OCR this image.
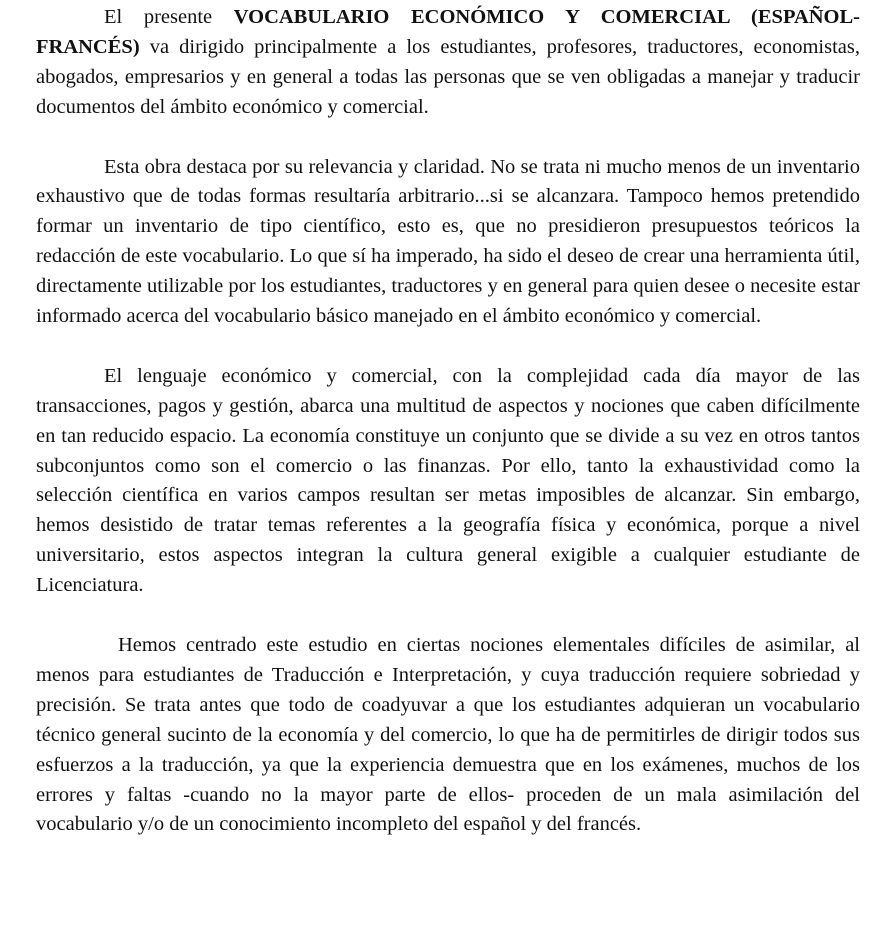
El presente VOCABULARIO ECONÓMICO Y COMERCIAL (ESPAÑOL-FRANCÉS) va dirigido principalmente a los estudiantes, profesores, traductores, economistas, abogados, empresarios y en general a todas las personas que se ven obligadas a manejar y traducir documentos del ámbito económico y comercial.

Esta obra destaca por su relevancia y claridad. No se trata ni mucho menos de un inventario exhaustivo que de todas formas resultaría arbitrario...si se alcanzara. Tampoco hemos pretendido formar un inventario de tipo científico, esto es, que no presidieron presupuestos teóricos la redacción de este vocabulario. Lo que sí ha imperado, ha sido el deseo de crear una herramienta útil, directamente utilizable por los estudiantes, traductores y en general para quien desee o necesite estar informado acerca del vocabulario básico manejado en el ámbito económico y comercial.

El lenguaje económico y comercial, con la complejidad cada día mayor de las transacciones, pagos y gestión, abarca una multitud de aspectos y nociones que caben difícilmente en tan reducido espacio. La economía constituye un conjunto que se divide a su vez en otros tantos subconjuntos como son el comercio o las finanzas. Por ello, tanto la exhaustividad como la selección científica en varios campos resultan ser metas imposibles de alcanzar. Sin embargo, hemos desistido de tratar temas referentes a la geografía física y económica, porque a nivel universitario, estos aspectos integran la cultura general exigible a cualquier estudiante de Licenciatura.

Hemos centrado este estudio en ciertas nociones elementales difíciles de asimilar, al menos para estudiantes de Traducción e Interpretación, y cuya traducción requiere sobriedad y precisión. Se trata antes que todo de coadyuvar a que los estudiantes adquieran un vocabulario técnico general sucinto de la economía y del comercio, lo que ha de permitirles de dirigir todos sus esfuerzos a la traducción, ya que la experiencia demuestra que en los exámenes, muchos de los errores y faltas -cuando no la mayor parte de ellos- proceden de un mala asimilación del vocabulario y/o de un conocimiento incompleto del español y del francés.
